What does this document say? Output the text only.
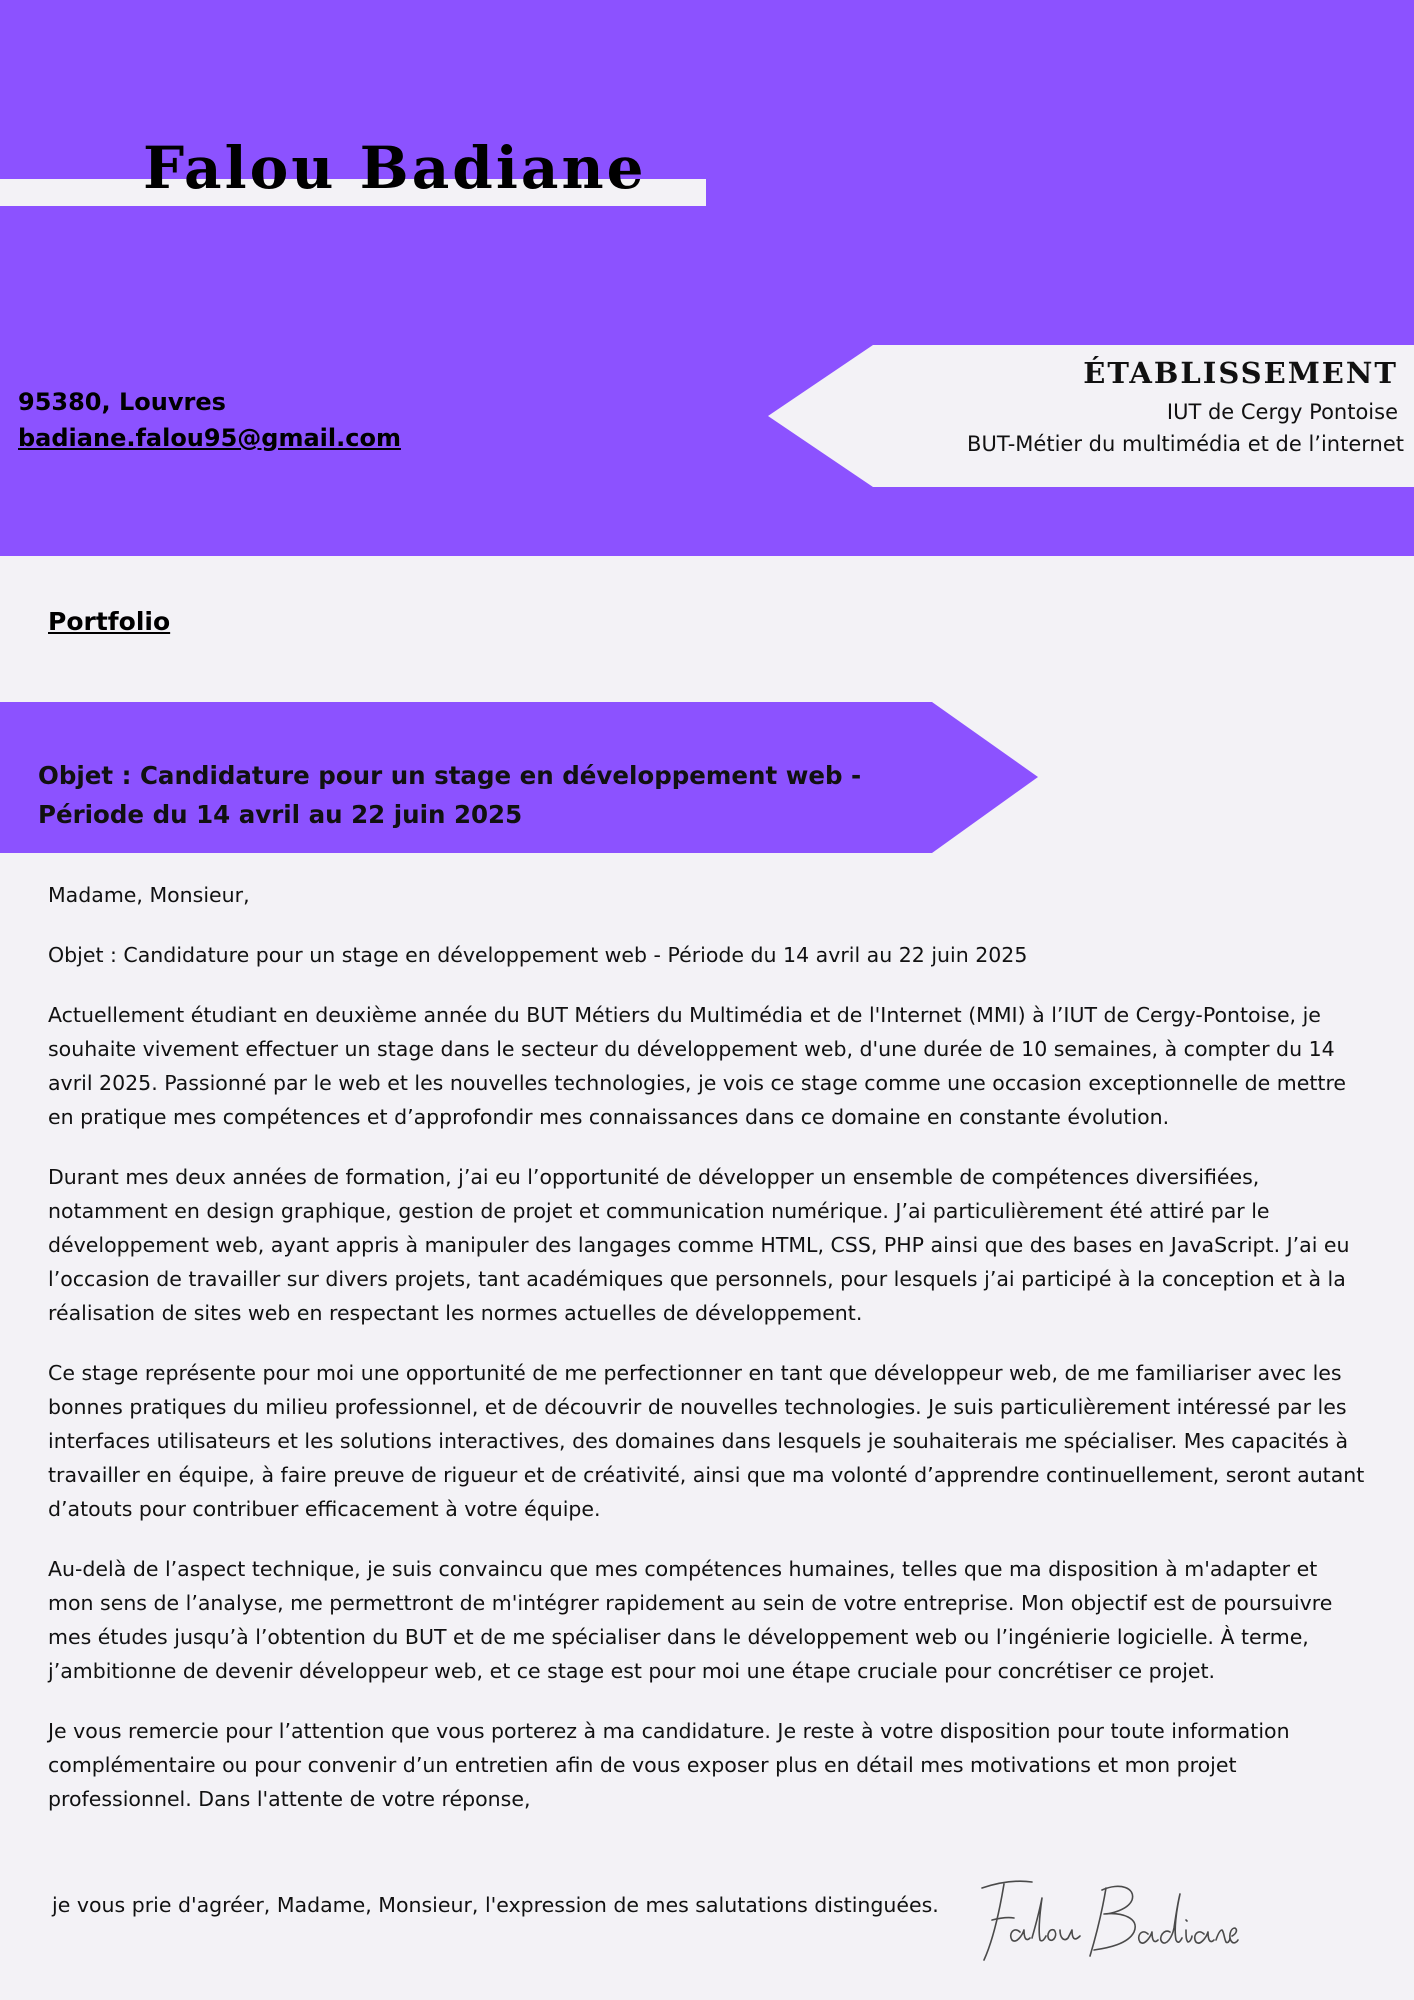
Falou Badiane
95380, Louvres
badiane.falou95@gmail.com
ÉTABLISSEMENT
IUT de Cergy Pontoise
BUT-Métier du multimédia et de l’internet
Portfolio
Objet : Candidature pour un stage en développement web -
Période du 14 avril au 22 juin 2025

Madame, Monsieur,

Objet : Candidature pour un stage en développement web - Période du 14 avril au 22 juin 2025

Actuellement étudiant en deuxième année du BUT Métiers du Multimédia et de l'Internet (MMI) à l’IUT de Cergy-Pontoise, je souhaite vivement effectuer un stage dans le secteur du développement web, d'une durée de 10 semaines, à compter du 14 avril 2025. Passionné par le web et les nouvelles technologies, je vois ce stage comme une occasion exceptionnelle de mettre en pratique mes compétences et d’approfondir mes connaissances dans ce domaine en constante évolution.

Durant mes deux années de formation, j’ai eu l’opportunité de développer un ensemble de compétences diversifiées, notamment en design graphique, gestion de projet et communication numérique. J’ai particulièrement été attiré par le développement web, ayant appris à manipuler des langages comme HTML, CSS, PHP ainsi que des bases en JavaScript. J’ai eu l’occasion de travailler sur divers projets, tant académiques que personnels, pour lesquels j’ai participé à la conception et à la réalisation de sites web en respectant les normes actuelles de développement.

Ce stage représente pour moi une opportunité de me perfectionner en tant que développeur web, de me familiariser avec les bonnes pratiques du milieu professionnel, et de découvrir de nouvelles technologies. Je suis particulièrement intéressé par les interfaces utilisateurs et les solutions interactives, des domaines dans lesquels je souhaiterais me spécialiser. Mes capacités à travailler en équipe, à faire preuve de rigueur et de créativité, ainsi que ma volonté d’apprendre continuellement, seront autant d’atouts pour contribuer efficacement à votre équipe.

Au-delà de l’aspect technique, je suis convaincu que mes compétences humaines, telles que ma disposition à m'adapter et mon sens de l’analyse, me permettront de m'intégrer rapidement au sein de votre entreprise. Mon objectif est de poursuivre mes études jusqu’à l’obtention du BUT et de me spécialiser dans le développement web ou l’ingénierie logicielle. À terme, j’ambitionne de devenir développeur web, et ce stage est pour moi une étape cruciale pour concrétiser ce projet.

Je vous remercie pour l’attention que vous porterez à ma candidature. Je reste à votre disposition pour toute information complémentaire ou pour convenir d’un entretien afin de vous exposer plus en détail mes motivations et mon projet professionnel. Dans l'attente de votre réponse,

je vous prie d'agréer, Madame, Monsieur, l'expression de mes salutations distinguées.
